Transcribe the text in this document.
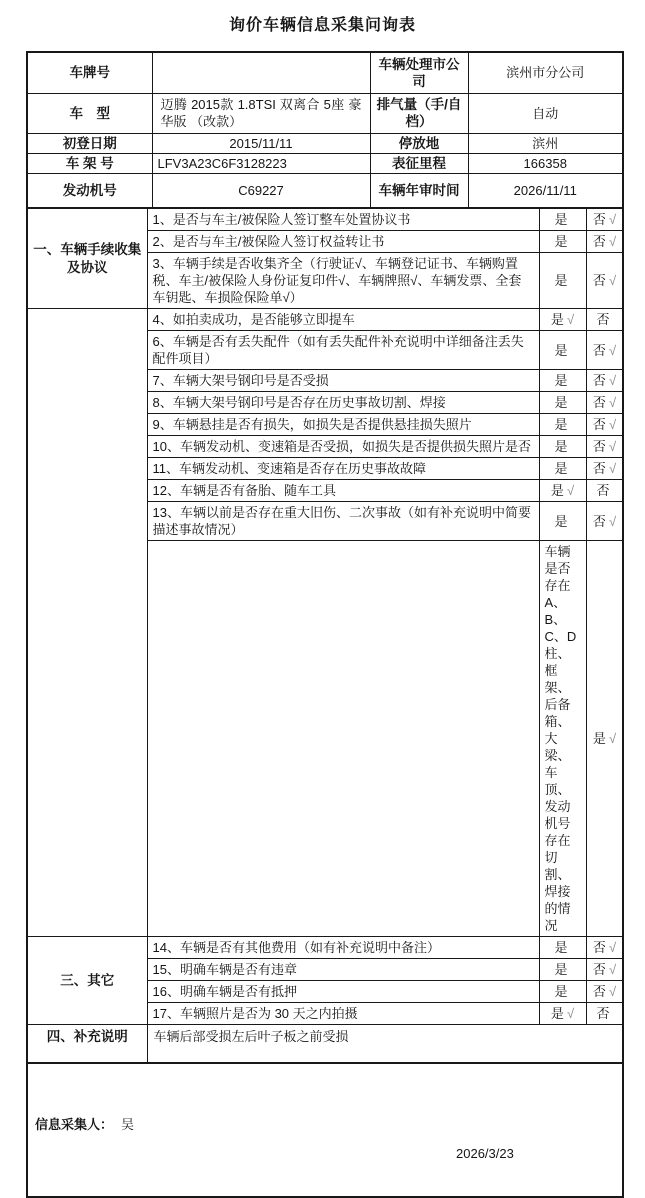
询价车辆信息采集问询表
车牌号		车辆处理市公司	滨州市分公司
车　型	迈腾 2015款 1.8TSI 双离合 5座 豪华版 （改款）	排气量（手/自档）	自动
初登日期	2015/11/11	停放地	滨州
车 架 号	LFV3A23C6F3128223	表征里程	166358
发动机号	C69227	车辆年审时间	2026/11/11
一、车辆手续收集及协议	1、是否与车主/被保险人签订整车处置协议书	是	否 √	
	2、是否与车主/被保险人签订权益转让书	是	否 √	
	3、车辆手续是否收集齐全（行驶证√、车辆登记证书、车辆购置税、车主/被保险人身份证复印件√、车辆牌照√、车辆发票、全套车钥匙、车损险保险单√）	是	否 √	
	4、如拍卖成功，是否能够立即提车	是 √	否	
	6、车辆是否有丢失配件（如有丢失配件补充说明中详细备注丢失配件项目）	是	否 √	
	7、车辆大架号钢印号是否受损	是	否 √	
	8、车辆大架号钢印号是否存在历史事故切割、焊接	是	否 √	
	9、车辆悬挂是否有损失，如损失是否提供悬挂损失照片	是	否 √	
	10、车辆发动机、变速箱是否受损，如损失是否提供损失照片是否	是	否 √	
	11、车辆发动机、变速箱是否存在历史事故故障	是	否 √	
	12、车辆是否有备胎、随车工具	是 √	否	
	13、车辆以前是否存在重大旧伤、二次事故（如有补充说明中简要描述事故情况）	是	否 √	
		车辆是否存在A、B、C、D柱、框架、后备箱、大梁、车顶、发动机号存在切割、焊接的情况	是 √	
三、其它	14、车辆是否有其他费用（如有补充说明中备注）	是	否 √	
	15、明确车辆是否有违章	是	否 √	
	16、明确车辆是否有抵押	是	否 √	
	17、车辆照片是否为 30 天之内拍摄	是 √	否	
四、补充说明	车辆后部受损左后叶子板之前受损			
信息采集人： 吴
2026/3/23
